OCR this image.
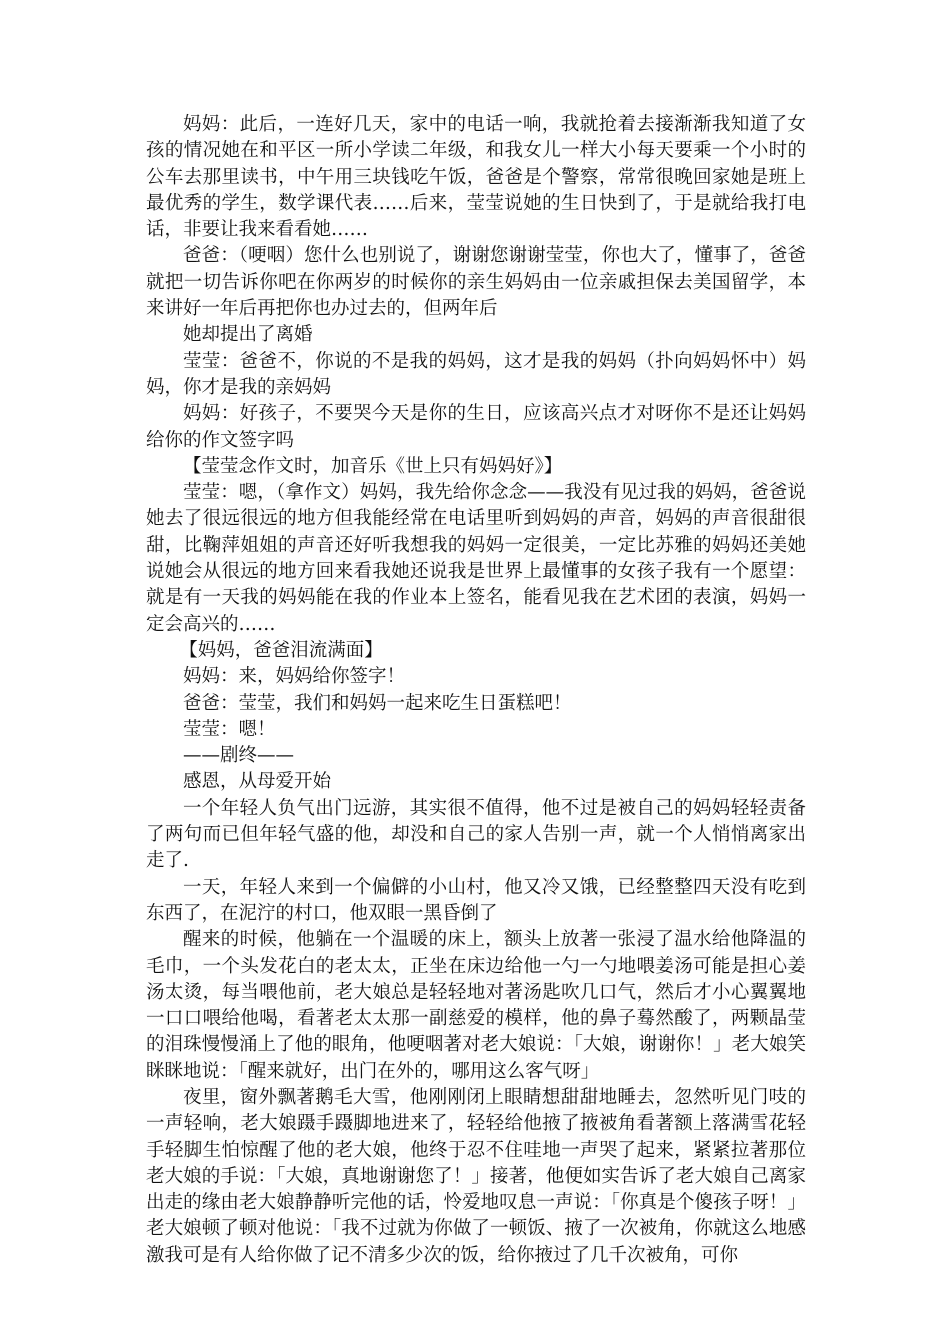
妈妈：此后，一连好几天，家中的电话一响，我就抢着去接渐渐我知道了女孩的情况她在和平区一所小学读二年级，和我女儿一样大小每天要乘一个小时的公车去那里读书，中午用三块钱吃午饭，爸爸是个警察，常常很晚回家她是班上最优秀的学生，数学课代表……后来，莹莹说她的生日快到了，于是就给我打电话，非要让我来看看她……

爸爸：（哽咽）您什么也别说了，谢谢您谢谢莹莹，你也大了，懂事了，爸爸就把一切告诉你吧在你两岁的时候你的亲生妈妈由一位亲戚担保去美国留学，本来讲好一年后再把你也办过去的，但两年后

她却提出了离婚

莹莹：爸爸不，你说的不是我的妈妈，这才是我的妈妈（扑向妈妈怀中）妈妈，你才是我的亲妈妈

妈妈：好孩子，不要哭今天是你的生日，应该高兴点才对呀你不是还让妈妈给你的作文签字吗

【莹莹念作文时，加音乐《世上只有妈妈好》】

莹莹：嗯，（拿作文）妈妈，我先给你念念——我没有见过我的妈妈，爸爸说她去了很远很远的地方但我能经常在电话里听到妈妈的声音，妈妈的声音很甜很甜，比鞠萍姐姐的声音还好听我想我的妈妈一定很美，一定比苏雅的妈妈还美她说她会从很远的地方回来看我她还说我是世界上最懂事的女孩子我有一个愿望：就是有一天我的妈妈能在我的作业本上签名，能看见我在艺术团的表演，妈妈一定会高兴的……

【妈妈，爸爸泪流满面】

妈妈：来，妈妈给你签字！

爸爸：莹莹，我们和妈妈一起来吃生日蛋糕吧！

莹莹：嗯！

——剧终——

感恩，从母爱开始

一个年轻人负气出门远游，其实很不值得，他不过是被自己的妈妈轻轻责备了两句而已但年轻气盛的他，却没和自己的家人告别一声，就一个人悄悄离家出走了.

一天，年轻人来到一个偏僻的小山村，他又冷又饿，已经整整四天没有吃到东西了，在泥泞的村口，他双眼一黑昏倒了

醒来的时候，他躺在一个温暖的床上，额头上放著一张浸了温水给他降温的毛巾，一个头发花白的老太太，正坐在床边给他一勺一勺地喂姜汤可能是担心姜汤太烫，每当喂他前，老大娘总是轻轻地对著汤匙吹几口气，然后才小心翼翼地一口口喂给他喝，看著老太太那一副慈爱的模样，他的鼻子蓦然酸了，两颗晶莹的泪珠慢慢涌上了他的眼角，他哽咽著对老大娘说：「大娘，谢谢你！」老大娘笑眯眯地说：「醒来就好，出门在外的，哪用这么客气呀」

夜里，窗外飘著鹅毛大雪，他刚刚闭上眼睛想甜甜地睡去，忽然听见门吱的一声轻响，老大娘蹑手蹑脚地进来了，轻轻给他掖了掖被角看著额上落满雪花轻手轻脚生怕惊醒了他的老大娘，他终于忍不住哇地一声哭了起来，紧紧拉著那位老大娘的手说：「大娘，真地谢谢您了！」接著，他便如实告诉了老大娘自己离家出走的缘由老大娘静静听完他的话，怜爱地叹息一声说：「你真是个傻孩子呀！」老大娘顿了顿对他说：「我不过就为你做了一顿饭、掖了一次被角，你就这么地感激我可是有人给你做了记不清多少次的饭，给你掖过了几千次被角，可你
